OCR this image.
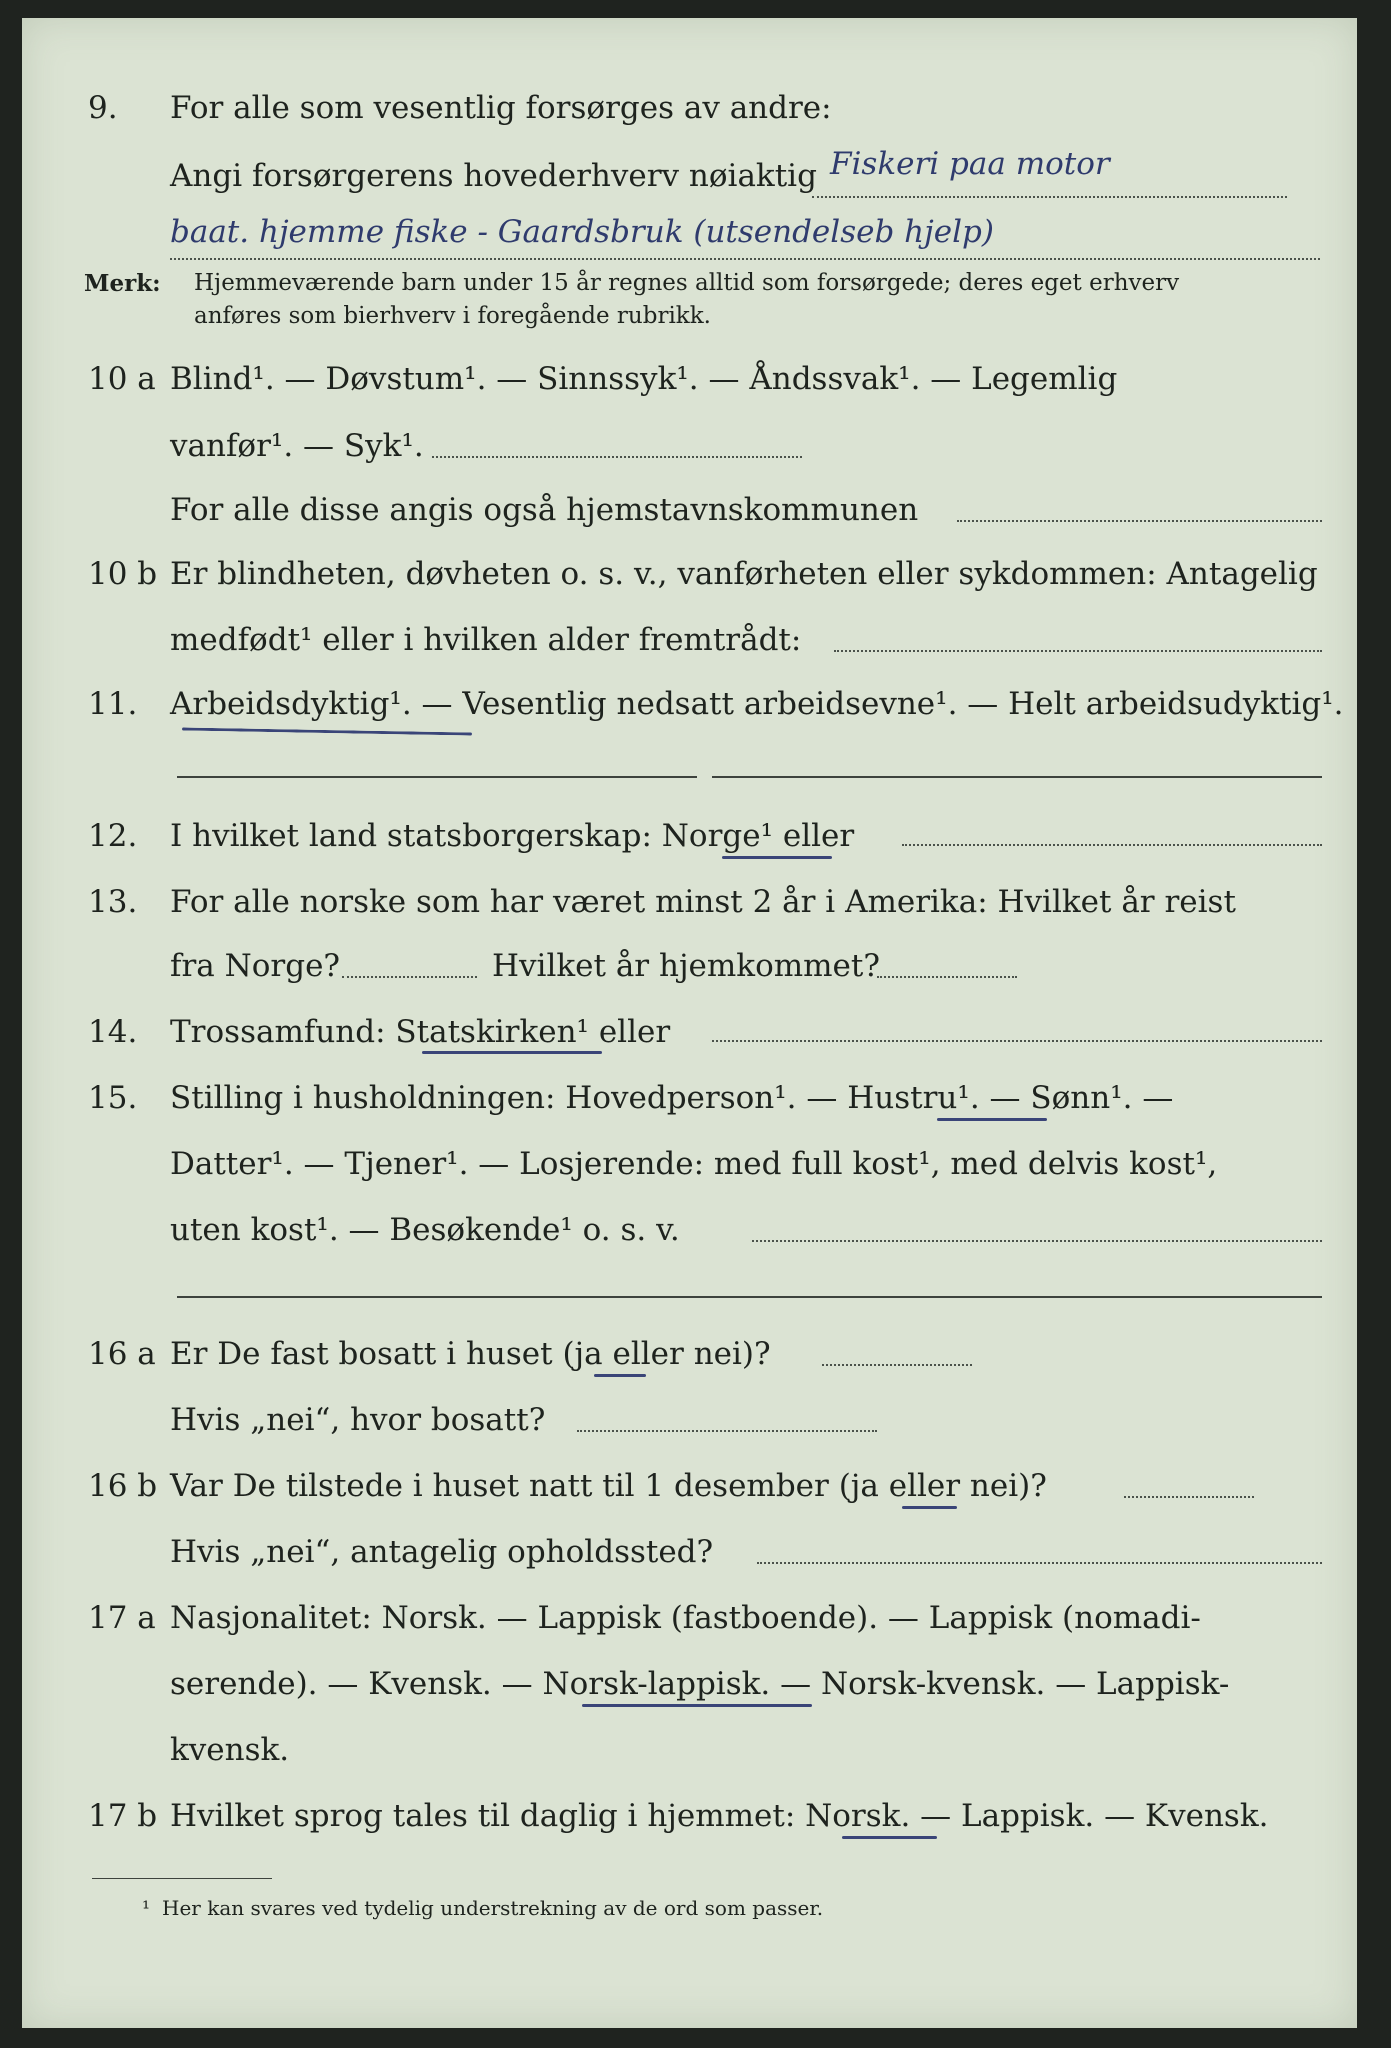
9. For alle som vesentlig forsørges av andre:
Angi forsørgerens hovederhverv nøiaktig Fiskeri paa motor
baat. hjemme fiske - Gaardsbruk (utsendelseb hjelp)
Merk: Hjemmeværende barn under 15 år regnes alltid som forsørgede; deres eget erhverv
anføres som bierhverv i foregående rubrikk.
10 a Blind¹. — Døvstum¹. — Sinnssyk¹. — Åndssvak¹. — Legemlig
vanfør¹. — Syk¹.
For alle disse angis også hjemstavnskommunen
10 b Er blindheten, døvheten o. s. v., vanførheten eller sykdommen: Antagelig
medfødt¹ eller i hvilken alder fremtrådt:
11. Arbeidsdyktig¹. — Vesentlig nedsatt arbeidsevne¹. — Helt arbeidsudyktig¹.
12. I hvilket land statsborgerskap: Norge¹ eller
13. For alle norske som har været minst 2 år i Amerika: Hvilket år reist
fra Norge?	Hvilket år hjemkommet?
14. Trossamfund: Statskirken¹ eller
15. Stilling i husholdningen: Hovedperson¹. — Hustru¹. — Sønn¹. —
Datter¹. — Tjener¹. — Losjerende: med full kost¹, med delvis kost¹,
uten kost¹. — Besøkende¹ o. s. v.
16 a Er De fast bosatt i huset (ja eller nei)?
Hvis „nei“, hvor bosatt?
16 b Var De tilstede i huset natt til 1 desember (ja eller nei)?
Hvis „nei“, antagelig opholdssted?
17 a Nasjonalitet: Norsk. — Lappisk (fastboende). — Lappisk (nomadi-
serende). — Kvensk. — Norsk-lappisk. — Norsk-kvensk. — Lappisk-
kvensk.
17 b Hvilket sprog tales til daglig i hjemmet: Norsk. — Lappisk. — Kvensk.
¹ Her kan svares ved tydelig understrekning av de ord som passer.
